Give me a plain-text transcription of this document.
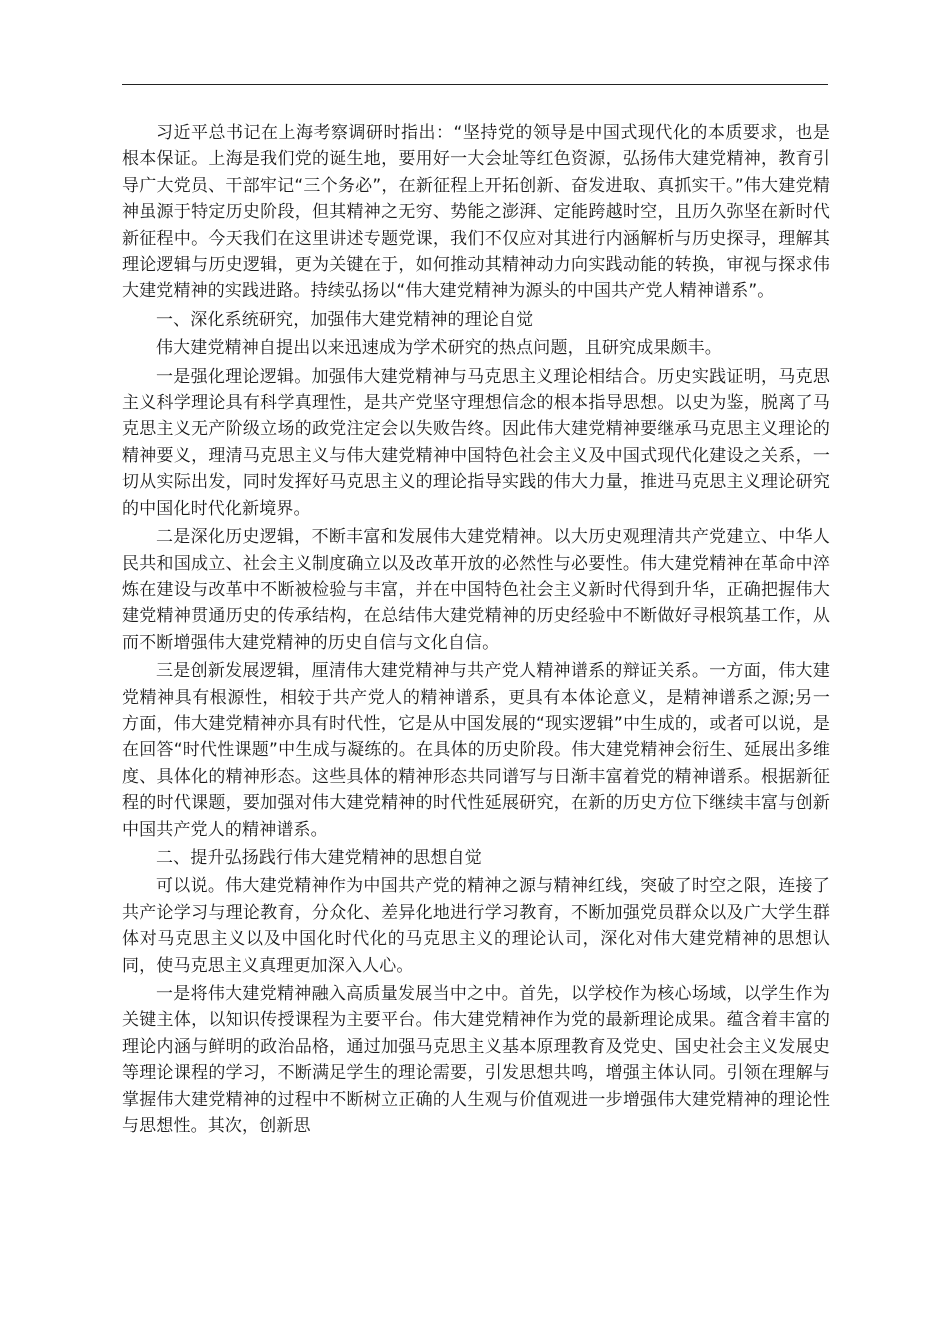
习近平总书记在上海考察调研时指出：“坚持党的领导是中国式现代化的本质要求，也是根本保证。上海是我们党的诞生地，要用好一大会址等红色资源，弘扬伟大建党精神，教育引导广大党员、干部牢记“三个务必”，在新征程上开拓创新、奋发进取、真抓实干。”伟大建党精神虽源于特定历史阶段，但其精神之无穷、势能之澎湃、定能跨越时空，且历久弥坚在新时代新征程中。今天我们在这里讲述专题党课，我们不仅应对其进行内涵解析与历史探寻，理解其理论逻辑与历史逻辑，更为关键在于，如何推动其精神动力向实践动能的转换，审视与探求伟大建党精神的实践进路。持续弘扬以“伟大建党精神为源头的中国共产党人精神谱系”。

一、深化系统研究，加强伟大建党精神的理论自觉

伟大建党精神自提出以来迅速成为学术研究的热点问题，且研究成果颇丰。

一是强化理论逻辑。加强伟大建党精神与马克思主义理论相结合。历史实践证明，马克思主义科学理论具有科学真理性，是共产党坚守理想信念的根本指导思想。以史为鉴，脱离了马克思主义无产阶级立场的政党注定会以失败告终。因此伟大建党精神要继承马克思主义理论的精神要义，理清马克思主义与伟大建党精神中国特色社会主义及中国式现代化建设之关系，一切从实际出发，同时发挥好马克思主义的理论指导实践的伟大力量，推进马克思主义理论研究的中国化时代化新境界。

二是深化历史逻辑，不断丰富和发展伟大建党精神。以大历史观理清共产党建立、中华人民共和国成立、社会主义制度确立以及改革开放的必然性与必要性。伟大建党精神在革命中淬炼在建设与改革中不断被检验与丰富，并在中国特色社会主义新时代得到升华，正确把握伟大建党精神贯通历史的传承结构，在总结伟大建党精神的历史经验中不断做好寻根筑基工作，从而不断增强伟大建党精神的历史自信与文化自信。

三是创新发展逻辑，厘清伟大建党精神与共产党人精神谱系的辩证关系。一方面，伟大建党精神具有根源性，相较于共产党人的精神谱系，更具有本体论意义，是精神谱系之源;另一方面，伟大建党精神亦具有时代性，它是从中国发展的“现实逻辑”中生成的，或者可以说，是在回答“时代性课题”中生成与凝练的。在具体的历史阶段。伟大建党精神会衍生、延展出多维度、具体化的精神形态。这些具体的精神形态共同谱写与日渐丰富着党的精神谱系。根据新征程的时代课题，要加强对伟大建党精神的时代性延展研究，在新的历史方位下继续丰富与创新中国共产党人的精神谱系。

二、提升弘扬践行伟大建党精神的思想自觉

可以说。伟大建党精神作为中国共产党的精神之源与精神红线，突破了时空之限，连接了共产论学习与理论教育，分众化、差异化地进行学习教育，不断加强党员群众以及广大学生群体对马克思主义以及中国化时代化的马克思主义的理论认司，深化对伟大建党精神的思想认同，使马克思主义真理更加深入人心。

一是将伟大建党精神融入高质量发展当中之中。首先，以学校作为核心场域，以学生作为关键主体，以知识传授课程为主要平台。伟大建党精神作为党的最新理论成果。蕴含着丰富的理论内涵与鲜明的政治品格，通过加强马克思主义基本原理教育及党史、国史社会主义发展史等理论课程的学习，不断满足学生的理论需要，引发思想共鸣，增强主体认同。引领在理解与掌握伟大建党精神的过程中不断树立正确的人生观与价值观进一步增强伟大建党精神的理论性与思想性。其次，创新思
